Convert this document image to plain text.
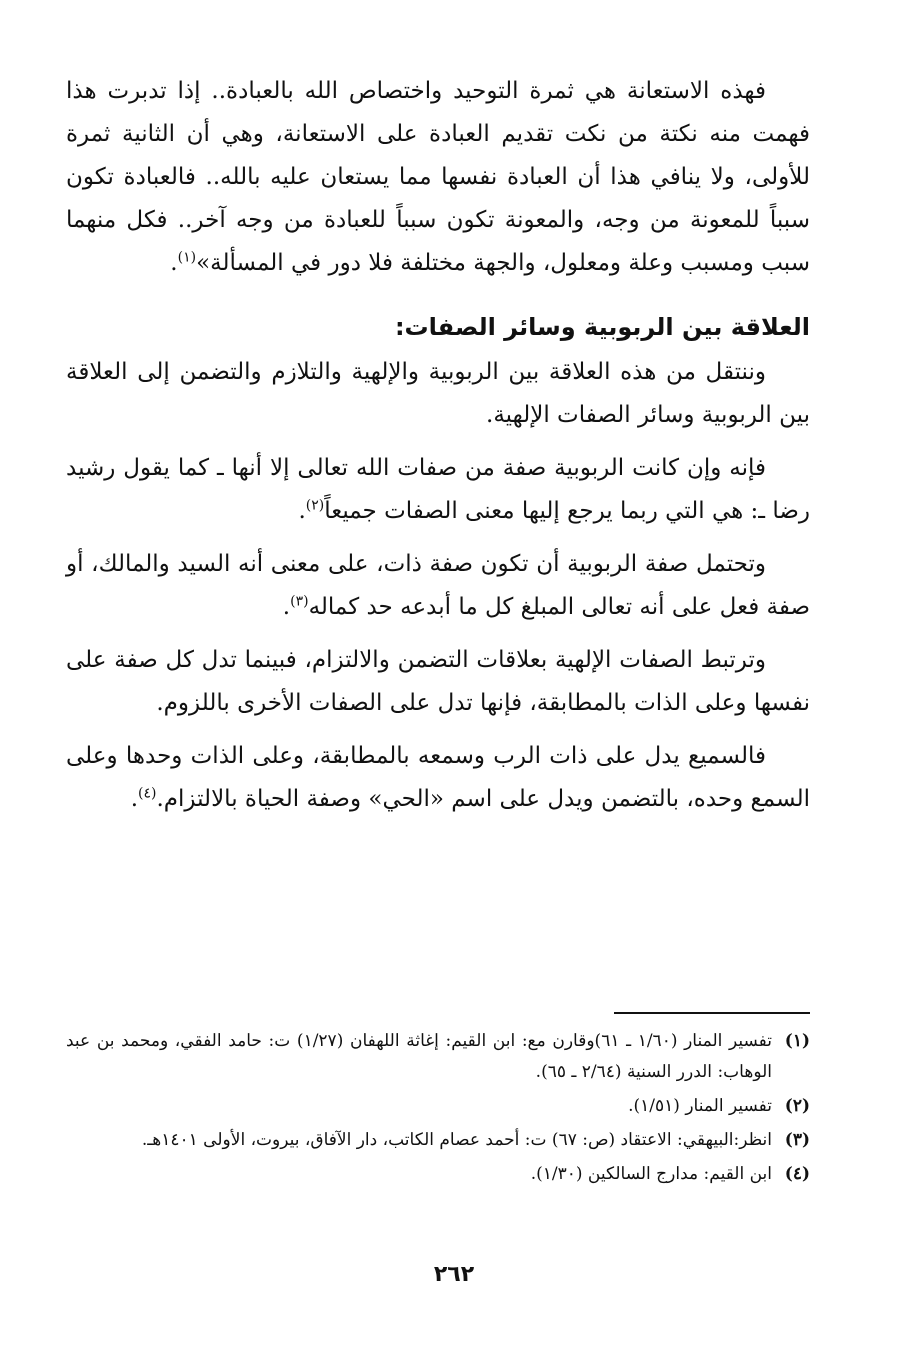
فهذه الاستعانة هي ثمرة التوحيد واختصاص الله بالعبادة.. إذا تدبرت هذا فهمت منه نكتة من نكت تقديم العبادة على الاستعانة، وهي أن الثانية ثمرة للأولى، ولا ينافي هذا أن العبادة نفسها مما يستعان عليه بالله.. فالعبادة تكون سبباً للمعونة من وجه، والمعونة تكون سبباً للعبادة من وجه آخر.. فكل منهما سبب ومسبب وعلة ومعلول، والجهة مختلفة فلا دور في المسألة»$^{(١)}$.

العلاقة بين الربوبية وسائر الصفات:

وننتقل من هذه العلاقة بين الربوبية والإلهية والتلازم والتضمن إلى العلاقة بين الربوبية وسائر الصفات الإلهية.

فإنه وإن كانت الربوبية صفة من صفات الله تعالى إلا أنها ـ كما يقول رشيد رضا ـ: هي التي ربما يرجع إليها معنى الصفات جميعاً$^{(٢)}$.

وتحتمل صفة الربوبية أن تكون صفة ذات، على معنى أنه السيد والمالك، أو صفة فعل على أنه تعالى المبلغ كل ما أبدعه حد كماله$^{(٣)}$.

وترتبط الصفات الإلهية بعلاقات التضمن والالتزام، فبينما تدل كل صفة على نفسها وعلى الذات بالمطابقة، فإنها تدل على الصفات الأخرى باللزوم.

فالسميع يدل على ذات الرب وسمعه بالمطابقة، وعلى الذات وحدها وعلى السمع وحده، بالتضمن ويدل على اسم «الحي» وصفة الحياة بالالتزام.$^{(٤)}$.

(١)
تفسير المنار (١/٦٠ ـ ٦١)وقارن مع: ابن القيم: إغاثة اللهفان (١/٢٧) ت: حامد الفقي، ومحمد بن عبد الوهاب: الدرر السنية (٢/٦٤ ـ ٦٥).
(٢)
تفسير المنار (١/٥١).
(٣)
انظر:البيهقي: الاعتقاد (ص: ٦٧) ت: أحمد عصام الكاتب، دار الآفاق، بيروت، الأولى ١٤٠١هـ.
(٤)
ابن القيم: مدارج السالكين (١/٣٠).
٢٦٢
